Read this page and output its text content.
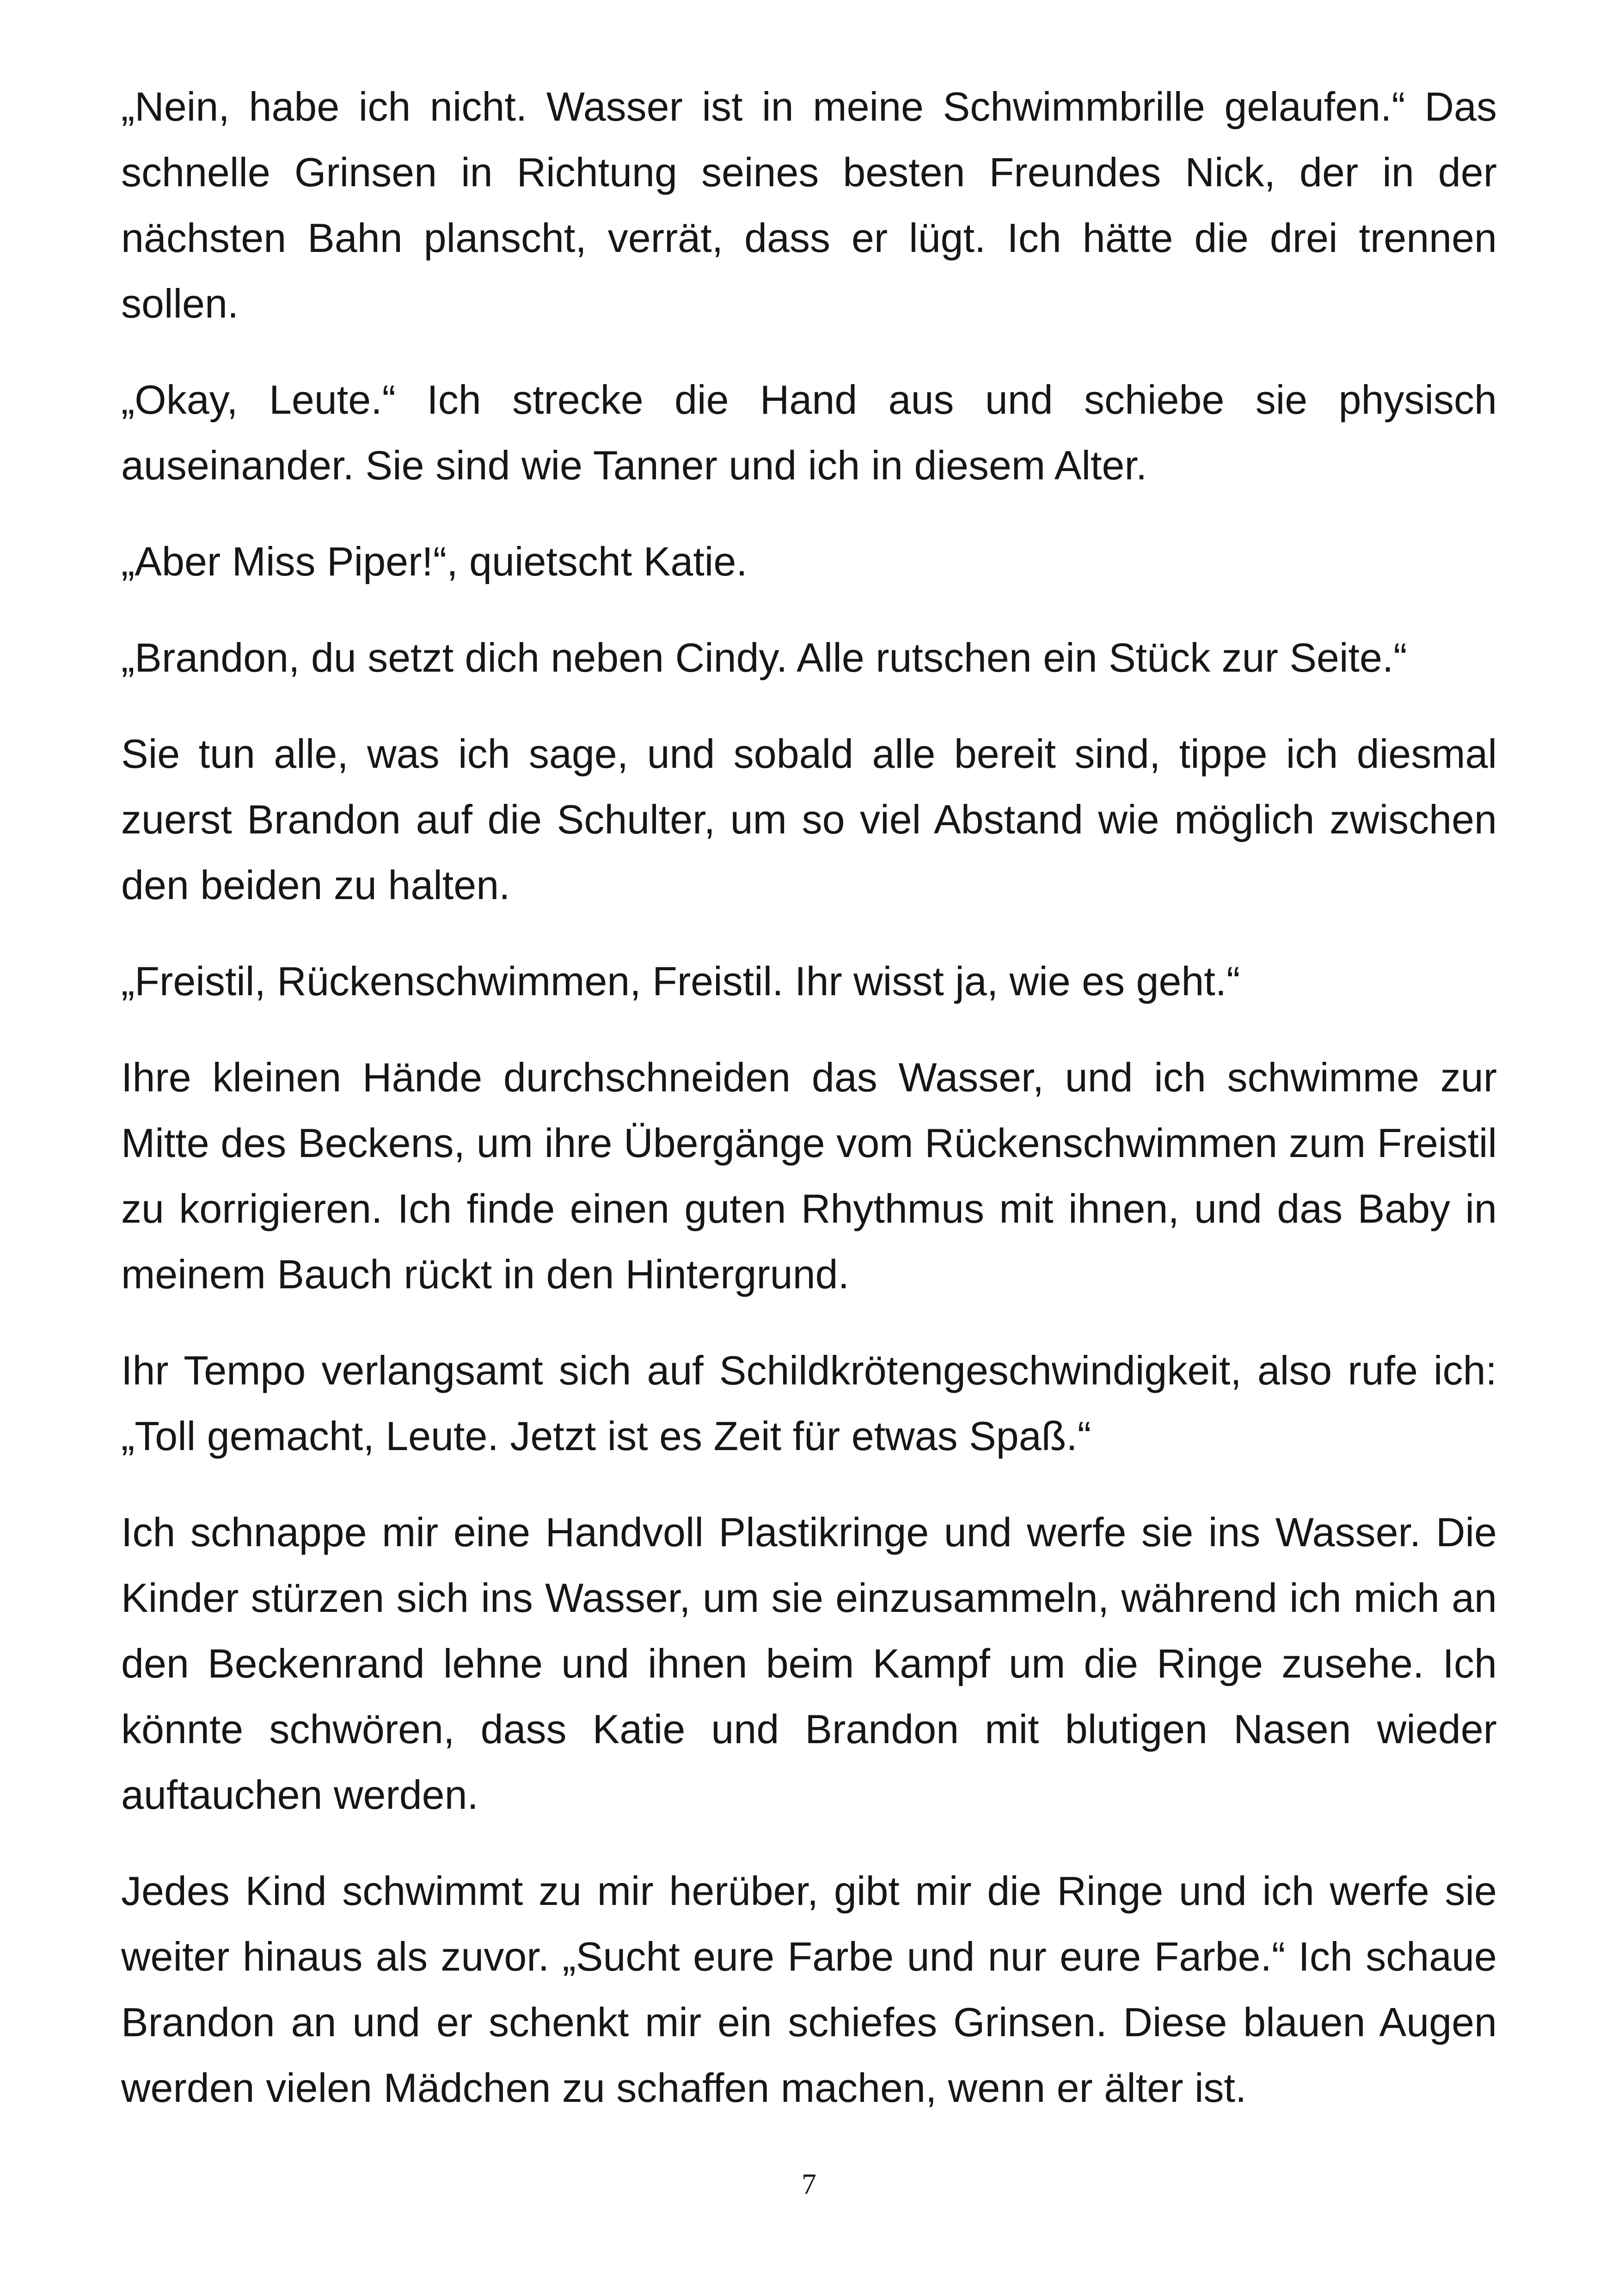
„Nein, habe ich nicht. Wasser ist in meine Schwimmbrille gelaufen.“ Das schnelle Grinsen in Richtung seines besten Freundes Nick, der in der nächsten Bahn planscht, verrät, dass er lügt. Ich hätte die drei trennen sollen.

„Okay, Leute.“ Ich strecke die Hand aus und schiebe sie physisch auseinander. Sie sind wie Tanner und ich in diesem Alter.

„Aber Miss Piper!“, quietscht Katie.

„Brandon, du setzt dich neben Cindy. Alle rutschen ein Stück zur Seite.“

Sie tun alle, was ich sage, und sobald alle bereit sind, tippe ich diesmal zuerst Brandon auf die Schulter, um so viel Abstand wie möglich zwischen den beiden zu halten.

„Freistil, Rückenschwimmen, Freistil. Ihr wisst ja, wie es geht.“

Ihre kleinen Hände durchschneiden das Wasser, und ich schwimme zur Mitte des Beckens, um ihre Übergänge vom Rückenschwimmen zum Freistil zu korrigieren. Ich finde einen guten Rhythmus mit ihnen, und das Baby in meinem Bauch rückt in den Hintergrund.

Ihr Tempo verlangsamt sich auf Schildkrötengeschwindigkeit, also rufe ich: „Toll gemacht, Leute. Jetzt ist es Zeit für etwas Spaß.“

Ich schnappe mir eine Handvoll Plastikringe und werfe sie ins Wasser. Die Kinder stürzen sich ins Wasser, um sie einzusammeln, während ich mich an den Beckenrand lehne und ihnen beim Kampf um die Ringe zusehe. Ich könnte schwören, dass Katie und Brandon mit blutigen Nasen wieder auftauchen werden.

Jedes Kind schwimmt zu mir herüber, gibt mir die Ringe und ich werfe sie weiter hinaus als zuvor. „Sucht eure Farbe und nur eure Farbe.“ Ich schaue Brandon an und er schenkt mir ein schiefes Grinsen. Diese blauen Augen werden vielen Mädchen zu schaffen machen, wenn er älter ist.

7
